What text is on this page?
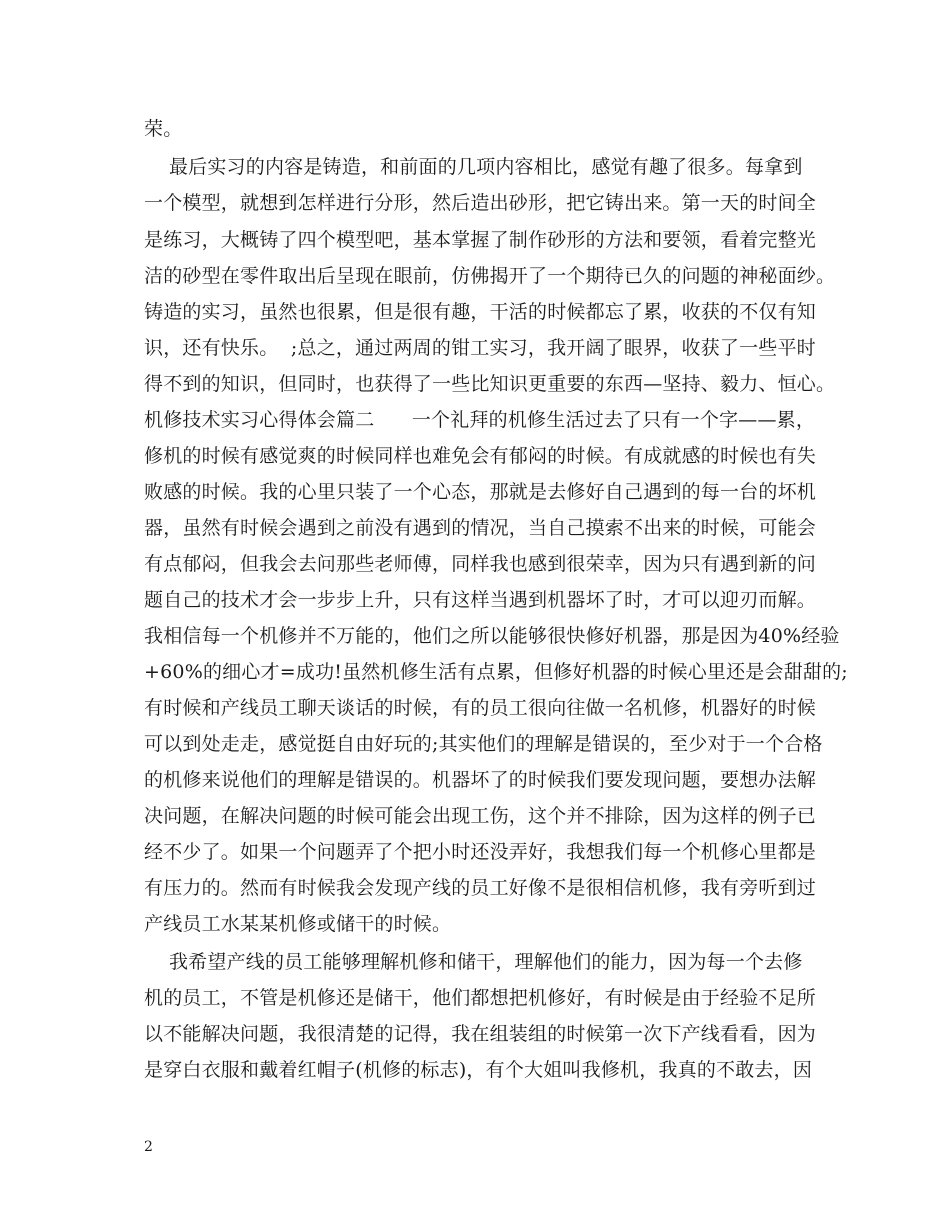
荣。
最后实习的内容是铸造，和前面的几项内容相比，感觉有趣了很多。每拿到
一个模型，就想到怎样进行分形，然后造出砂形，把它铸出来。第一天的时间全
是练习，大概铸了四个模型吧，基本掌握了制作砂形的方法和要领，看着完整光
洁的砂型在零件取出后呈现在眼前，仿佛揭开了一个期待已久的问题的神秘面纱。
铸造的实习，虽然也很累，但是很有趣，干活的时候都忘了累，收获的不仅有知
识，还有快乐。  ;总之，通过两周的钳工实习，我开阔了眼界，收获了一些平时
得不到的知识，但同时，也获得了一些比知识更重要的东西—坚持、毅力、恒心。
机修技术实习心得体会篇二      一个礼拜的机修生活过去了只有一个字——累，
修机的时候有感觉爽的时候同样也难免会有郁闷的时候。有成就感的时候也有失
败感的时候。我的心里只装了一个心态，那就是去修好自己遇到的每一台的坏机
器，虽然有时候会遇到之前没有遇到的情况，当自己摸索不出来的时候，可能会
有点郁闷，但我会去问那些老师傅，同样我也感到很荣幸，因为只有遇到新的问
题自己的技术才会一步步上升，只有这样当遇到机器坏了时，才可以迎刃而解。
我相信每一个机修并不万能的，他们之所以能够很快修好机器，那是因为40%经验
+60%的细心才=成功!虽然机修生活有点累，但修好机器的时候心里还是会甜甜的;
有时候和产线员工聊天谈话的时候，有的员工很向往做一名机修，机器好的时候
可以到处走走，感觉挺自由好玩的;其实他们的理解是错误的，至少对于一个合格
的机修来说他们的理解是错误的。机器坏了的时候我们要发现问题，要想办法解
决问题，在解决问题的时候可能会出现工伤，这个并不排除，因为这样的例子已
经不少了。如果一个问题弄了个把小时还没弄好，我想我们每一个机修心里都是
有压力的。然而有时候我会发现产线的员工好像不是很相信机修，我有旁听到过
产线员工水某某机修或储干的时候。
我希望产线的员工能够理解机修和储干，理解他们的能力，因为每一个去修
机的员工，不管是机修还是储干，他们都想把机修好，有时候是由于经验不足所
以不能解决问题，我很清楚的记得，我在组装组的时候第一次下产线看看，因为
是穿白衣服和戴着红帽子(机修的标志)，有个大姐叫我修机，我真的不敢去，因
2
